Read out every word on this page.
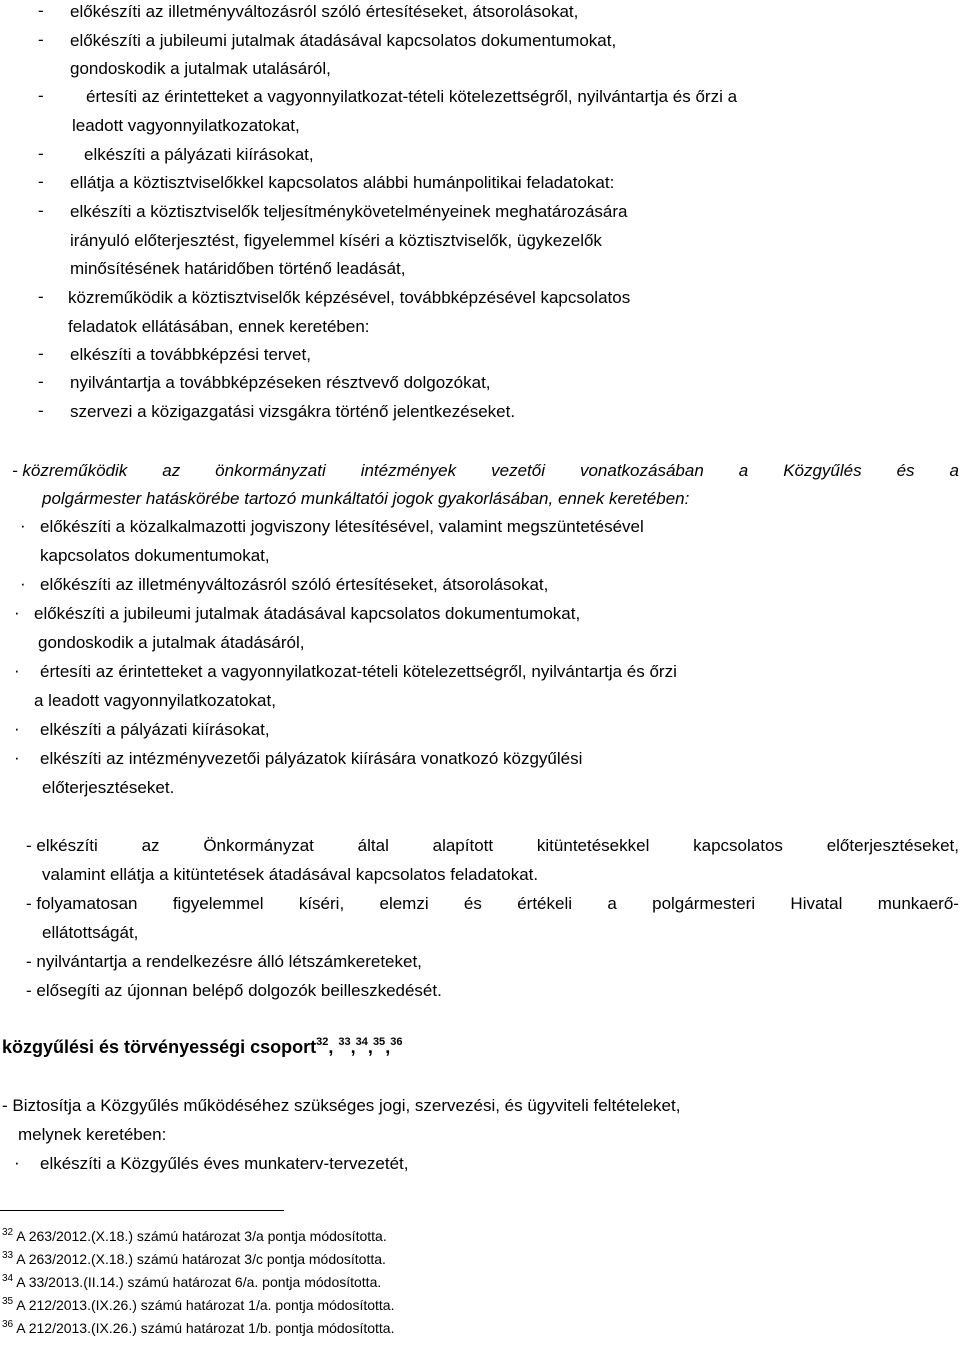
- előkészíti az illetményváltozásról szóló értesítéseket, átsorolásokat,
- előkészíti a jubileumi jutalmak átadásával kapcsolatos dokumentumokat,
gondoskodik a jutalmak utalásáról,
- értesíti az érintetteket a vagyonnyilatkozat-tételi kötelezettségről, nyilvántartja és őrzi a
leadott vagyonnyilatkozatokat,
- elkészíti a pályázati kiírásokat,
- ellátja a köztisztviselőkkel kapcsolatos alábbi humánpolitikai feladatokat:
- elkészíti a köztisztviselők teljesítménykövetelményeinek meghatározására
irányuló előterjesztést, figyelemmel kíséri a köztisztviselők, ügykezelők
minősítésének határidőben történő leadását,
- közreműködik a köztisztviselők képzésével, továbbképzésével kapcsolatos
feladatok ellátásában, ennek keretében:
- elkészíti a továbbképzési tervet,
- nyilvántartja a továbbképzéseken résztvevő dolgozókat,
- szervezi a közigazgatási vizsgákra történő jelentkezéseket.
- közreműködik az önkormányzati intézmények vezetői vonatkozásában a Közgyűlés és a
polgármester hatáskörébe tartozó munkáltatói jogok gyakorlásában, ennek keretében:
· előkészíti a közalkalmazotti jogviszony létesítésével, valamint megszüntetésével
kapcsolatos dokumentumokat,
· előkészíti az illetményváltozásról szóló értesítéseket, átsorolásokat,
· előkészíti a jubileumi jutalmak átadásával kapcsolatos dokumentumokat,
gondoskodik a jutalmak átadásáról,
· értesíti az érintetteket a vagyonnyilatkozat-tételi kötelezettségről, nyilvántartja és őrzi
a leadott vagyonnyilatkozatokat,
· elkészíti a pályázati kiírásokat,
· elkészíti az intézményvezetői pályázatok kiírására vonatkozó közgyűlési
előterjesztéseket.
- elkészíti	az	Önkormányzat	által	alapított	kitüntetésekkel	kapcsolatos	előterjesztéseket,
valamint ellátja a kitüntetések átadásával kapcsolatos feladatokat.
- folyamatosan figyelemmel kíséri, elemzi és értékeli a polgármesteri Hivatal munkaerő-
ellátottságát,
- nyilvántartja a rendelkezésre álló létszámkereteket,
- elősegíti az újonnan belépő dolgozók beilleszkedését.
közgyűlési és törvényességi csoport$^{32}$, $^{33}$,$^{34}$,$^{35}$,$^{36}$
- Biztosítja a Közgyűlés működéséhez szükséges jogi, szervezési, és ügyviteli feltételeket,
melynek keretében:
· elkészíti a Közgyűlés éves munkaterv-tervezetét,
$^{32}$ A 263/2012.(X.18.) számú határozat 3/a pontja módosította.
$^{33}$ A 263/2012.(X.18.) számú határozat 3/c pontja módosította.
$^{34}$ A 33/2013.(II.14.) számú határozat 6/a. pontja módosította.
$^{35}$ A 212/2013.(IX.26.) számú határozat 1/a. pontja módosította.
$^{36}$ A 212/2013.(IX.26.) számú határozat 1/b. pontja módosította.
